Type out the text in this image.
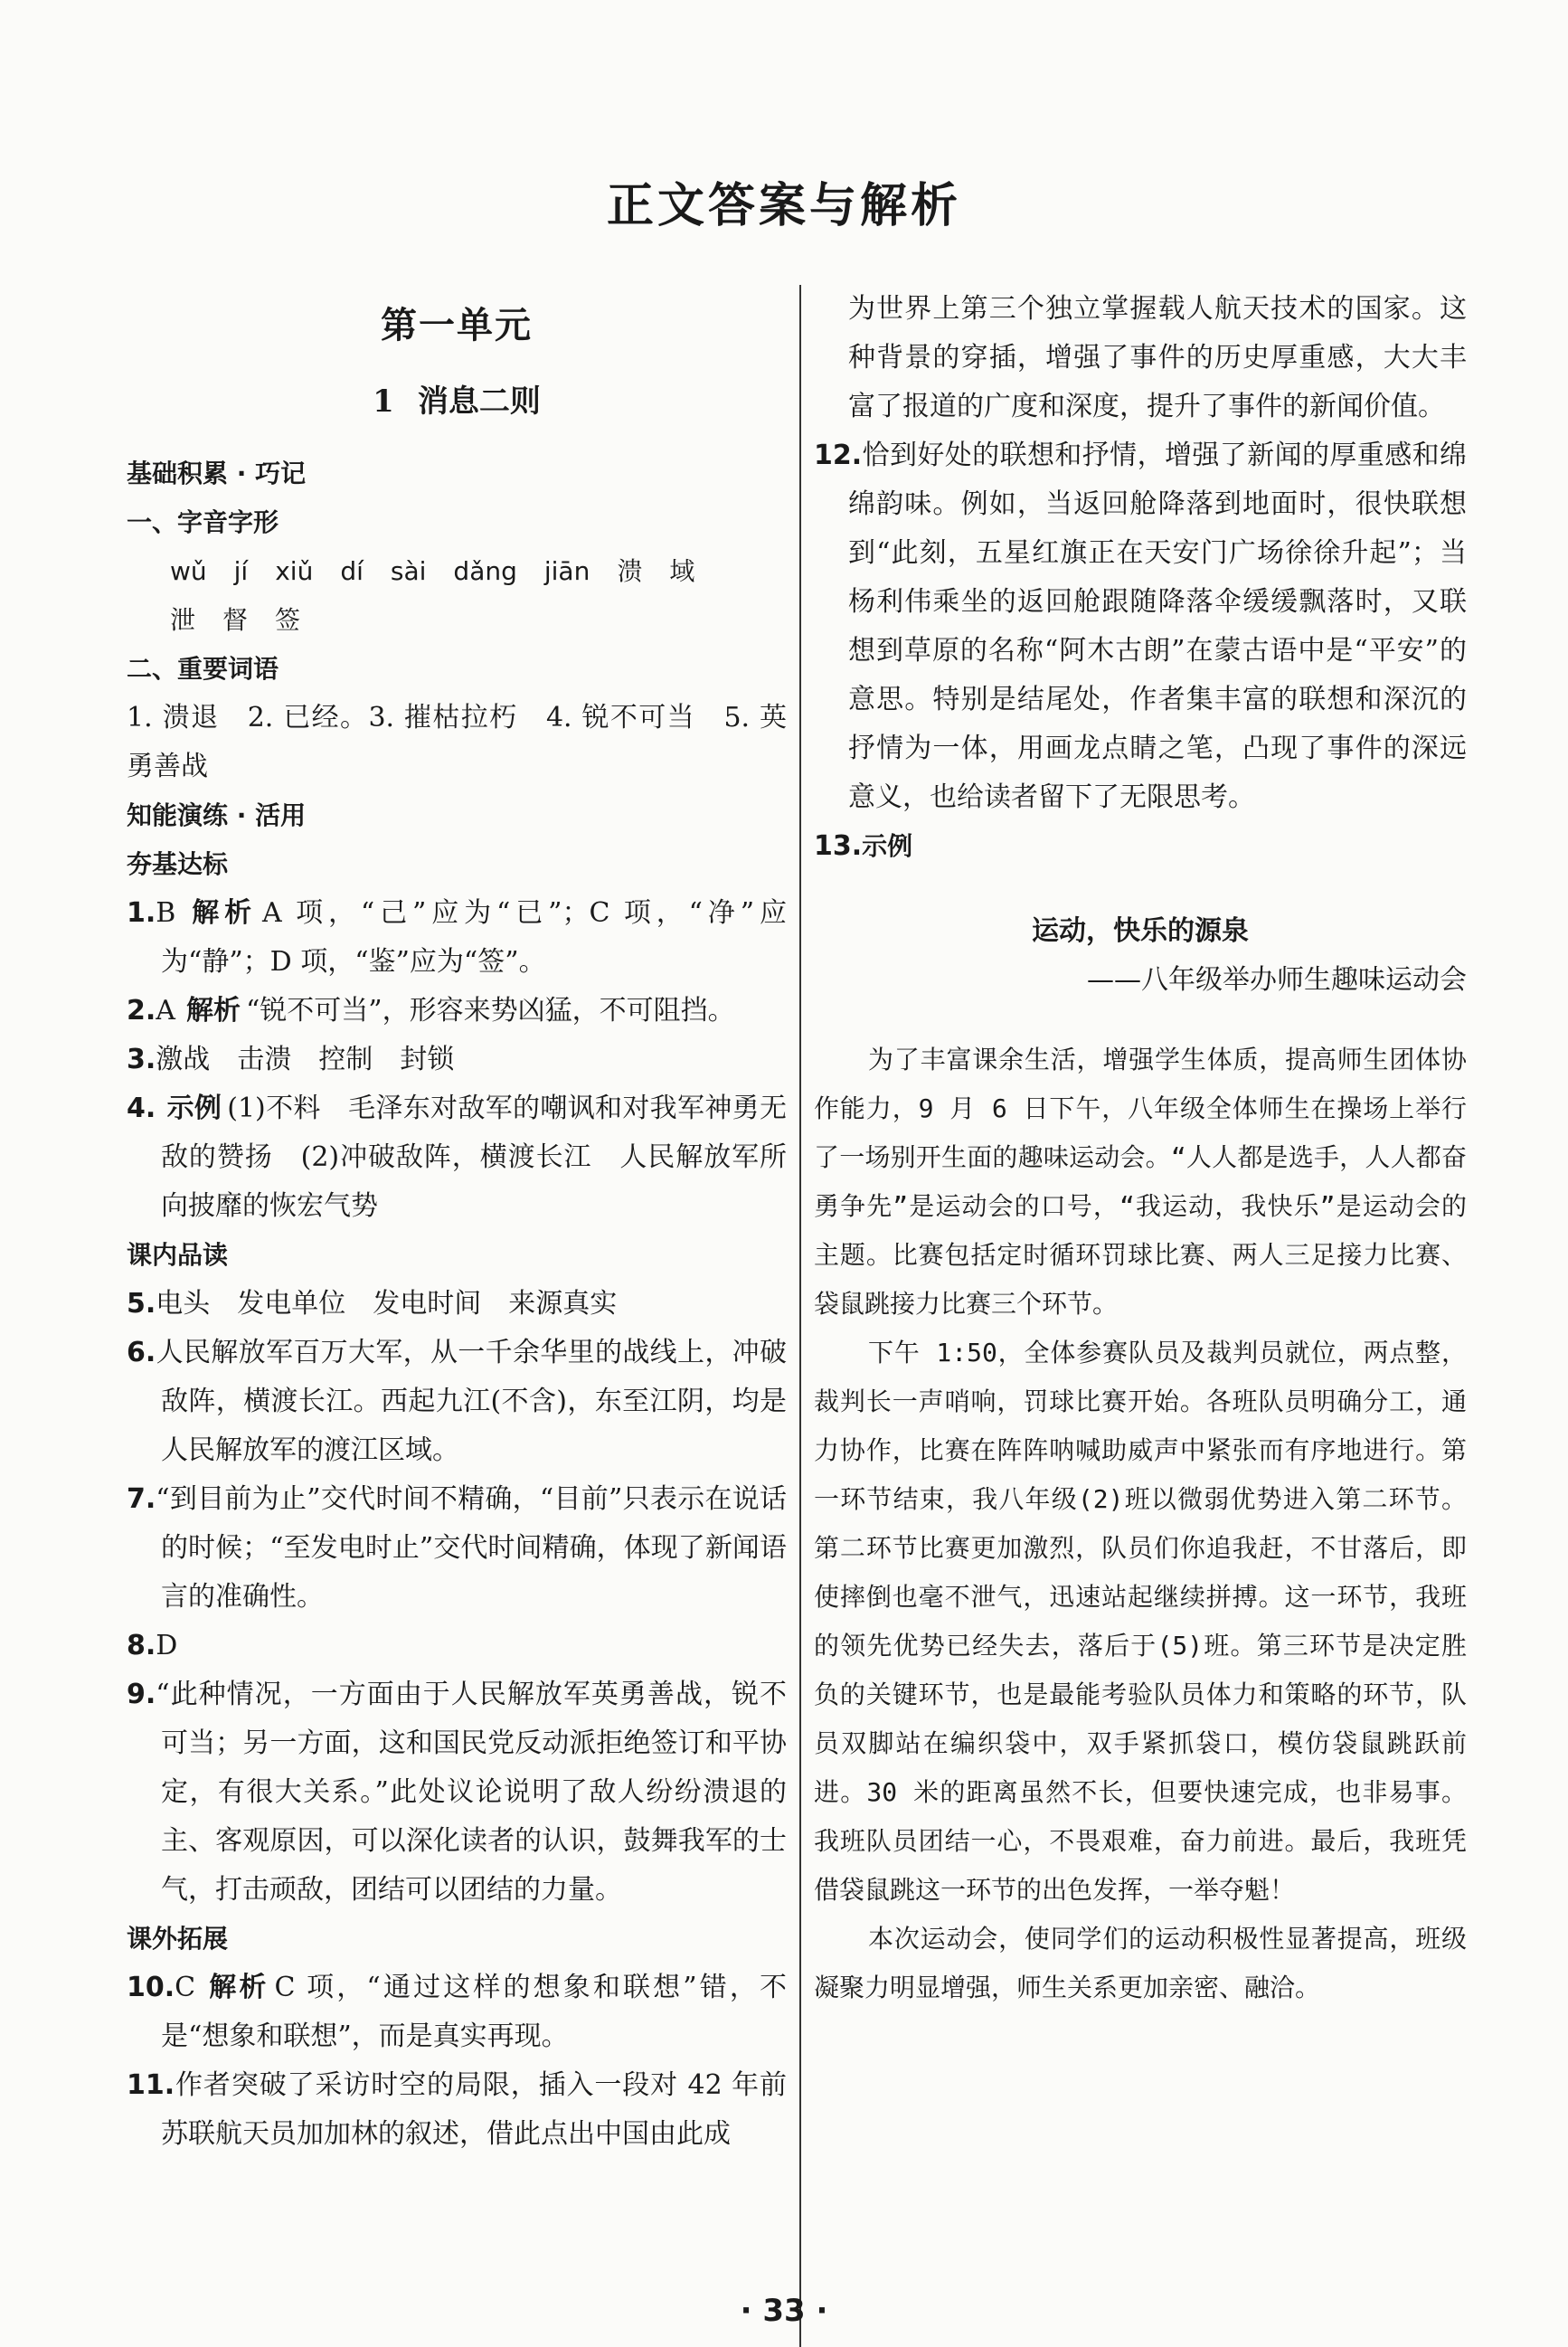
正文答案与解析
第一单元
1 消息二则
基础积累 · 巧记
一、字音字形
wǔ jí xiǔ dí sài dǎng jiān 溃 域
泄 督 签
二、重要词语

1. 溃退　2. 已经。3. 摧枯拉朽　4. 锐不可当　5. 英勇善战

知能演练 · 活用
夯基达标

1.B 解析 A 项，“己”应为“已”；C 项，“净”应为“静”；D 项，“鉴”应为“签”。

2.A 解析 “锐不可当”，形容来势凶猛，不可阻挡。

3.激战　击溃　控制　封锁

4. 示例 (1)不料　毛泽东对敌军的嘲讽和对我军神勇无敌的赞扬　(2)冲破敌阵，横渡长江　人民解放军所向披靡的恢宏气势

课内品读

5.电头　发电单位　发电时间　来源真实

6.人民解放军百万大军，从一千余华里的战线上，冲破敌阵，横渡长江。西起九江(不含)，东至江阴，均是人民解放军的渡江区域。

7.“到目前为止”交代时间不精确，“目前”只表示在说话的时候；“至发电时止”交代时间精确，体现了新闻语言的准确性。

8.D

9.“此种情况，一方面由于人民解放军英勇善战，锐不可当；另一方面，这和国民党反动派拒绝签订和平协定，有很大关系。”此处议论说明了敌人纷纷溃退的主、客观原因，可以深化读者的认识，鼓舞我军的士气，打击顽敌，团结可以团结的力量。

课外拓展

10.C 解析 C 项，“通过这样的想象和联想”错，不是“想象和联想”，而是真实再现。

11.作者突破了采访时空的局限，插入一段对 42 年前苏联航天员加加林的叙述，借此点出中国由此成

为世界上第三个独立掌握载人航天技术的国家。这种背景的穿插，增强了事件的历史厚重感，大大丰富了报道的广度和深度，提升了事件的新闻价值。

12.恰到好处的联想和抒情，增强了新闻的厚重感和绵绵韵味。例如，当返回舱降落到地面时，很快联想到“此刻，五星红旗正在天安门广场徐徐升起”；当杨利伟乘坐的返回舱跟随降落伞缓缓飘落时，又联想到草原的名称“阿木古朗”在蒙古语中是“平安”的意思。特别是结尾处，作者集丰富的联想和深沉的抒情为一体，用画龙点睛之笔，凸现了事件的深远意义，也给读者留下了无限思考。

13.示例

运动，快乐的源泉
——八年级举办师生趣味运动会

为了丰富课余生活，增强学生体质，提高师生团体协作能力，9 月 6 日下午，八年级全体师生在操场上举行了一场别开生面的趣味运动会。“人人都是选手，人人都奋勇争先”是运动会的口号，“我运动，我快乐”是运动会的主题。比赛包括定时循环罚球比赛、两人三足接力比赛、袋鼠跳接力比赛三个环节。

下午 1:50，全体参赛队员及裁判员就位，两点整，裁判长一声哨响，罚球比赛开始。各班队员明确分工，通力协作，比赛在阵阵呐喊助威声中紧张而有序地进行。第一环节结束，我八年级(2)班以微弱优势进入第二环节。第二环节比赛更加激烈，队员们你追我赶，不甘落后，即使摔倒也毫不泄气，迅速站起继续拼搏。这一环节，我班的领先优势已经失去，落后于(5)班。第三环节是决定胜负的关键环节，也是最能考验队员体力和策略的环节，队员双脚站在编织袋中，双手紧抓袋口，模仿袋鼠跳跃前进。30 米的距离虽然不长，但要快速完成，也非易事。我班队员团结一心，不畏艰难，奋力前进。最后，我班凭借袋鼠跳这一环节的出色发挥，一举夺魁！

本次运动会，使同学们的运动积极性显著提高，班级凝聚力明显增强，师生关系更加亲密、融洽。

· 33 ·
